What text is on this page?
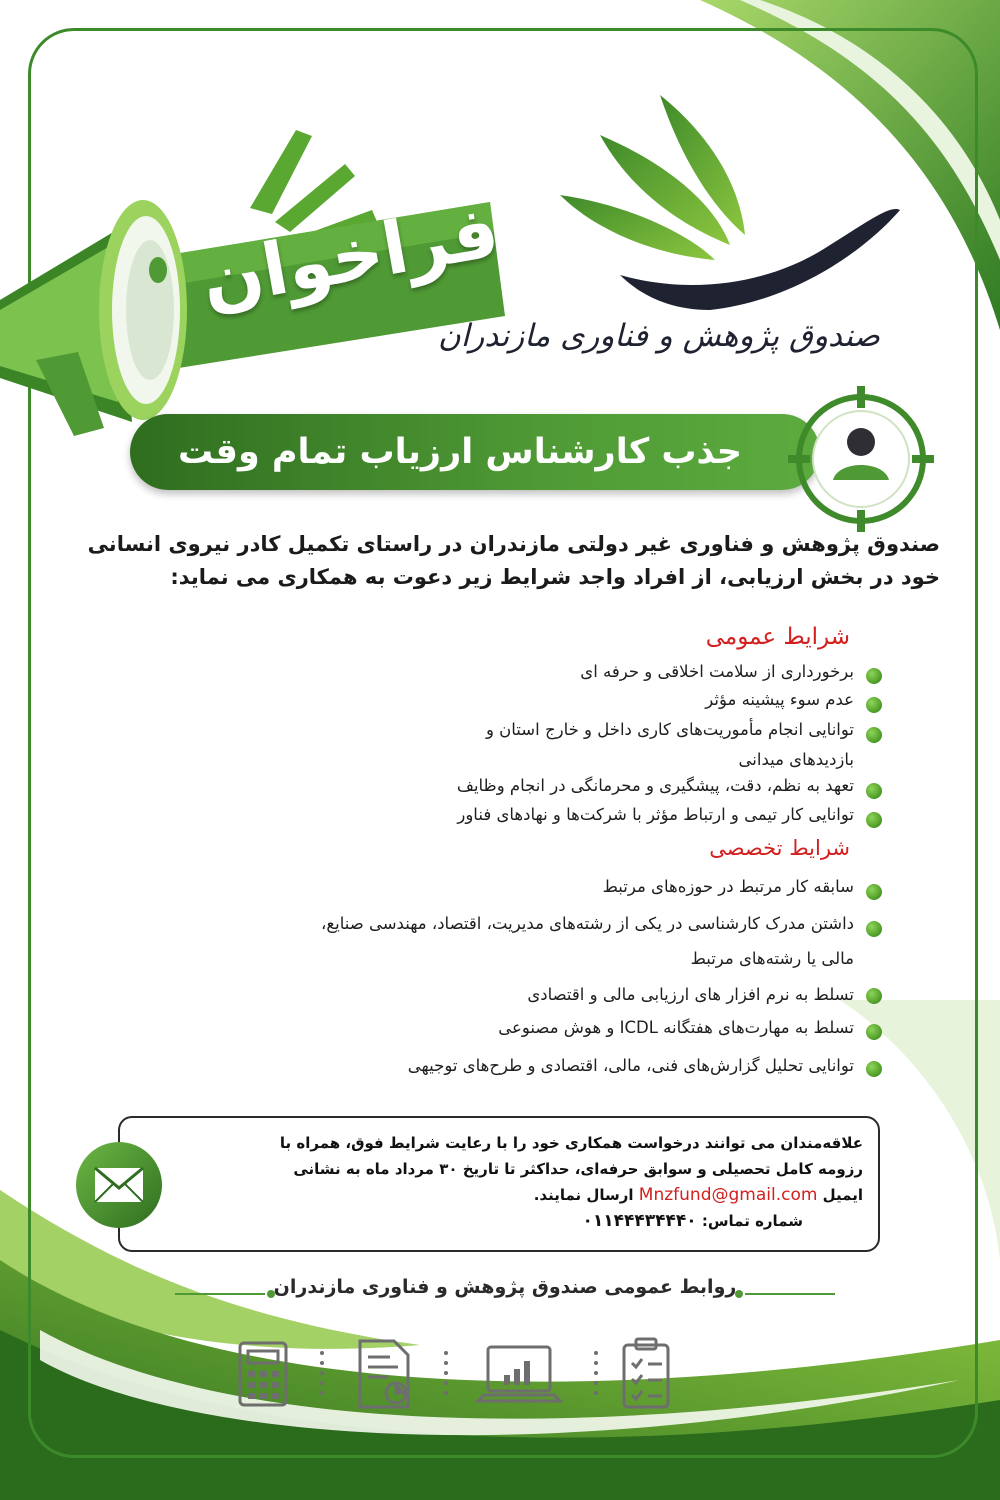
فراخوان
صندوق پژوهش و فناوری مازندران
جذب کارشناس ارزیاب تمام وقت

صندوق پژوهش و فناوری غیر دولتی مازندران در راستای تکمیل کادر نیروی انسانی

خود در بخش ارزیابی، از افراد واجد شرایط زیر دعوت به همکاری می نماید:

شرایط عمومی
برخورداری از سلامت اخلاقی و حرفه ای
عدم سوء پیشینه مؤثر
توانایی انجام مأموریت‌های کاری داخل و خارج استان و
بازدیدهای میدانی
تعهد به نظم، دقت، پیشگیری و محرمانگی در انجام وظایف
توانایی کار تیمی و ارتباط مؤثر با شرکت‌ها و نهادهای فناور
شرایط تخصصی
سابقه کار مرتبط در حوزه‌های مرتبط
داشتن مدرک کارشناسی در یکی از رشته‌های مدیریت، اقتصاد، مهندسی صنایع،
مالی یا رشته‌های مرتبط
تسلط به نرم افزار های ارزیابی مالی و اقتصادی
تسلط به مهارت‌های هفتگانه ICDL و هوش مصنوعی
توانایی تحلیل گزارش‌های فنی، مالی، اقتصادی و طرح‌های توجیهی

علاقه‌مندان می توانند درخواست همکاری خود را با رعایت شرایط فوق، همراه با

رزومه کامل تحصیلی و سوابق حرفه‌ای، حداکثر تا تاریخ ۳۰ مرداد ماه به نشانی

ایمیل Mnzfund@gmail.com ارسال نمایند.

شماره تماس: ۰۱۱۴۴۴۳۴۴۴۰

روابط عمومی صندوق پژوهش و فناوری مازندران
